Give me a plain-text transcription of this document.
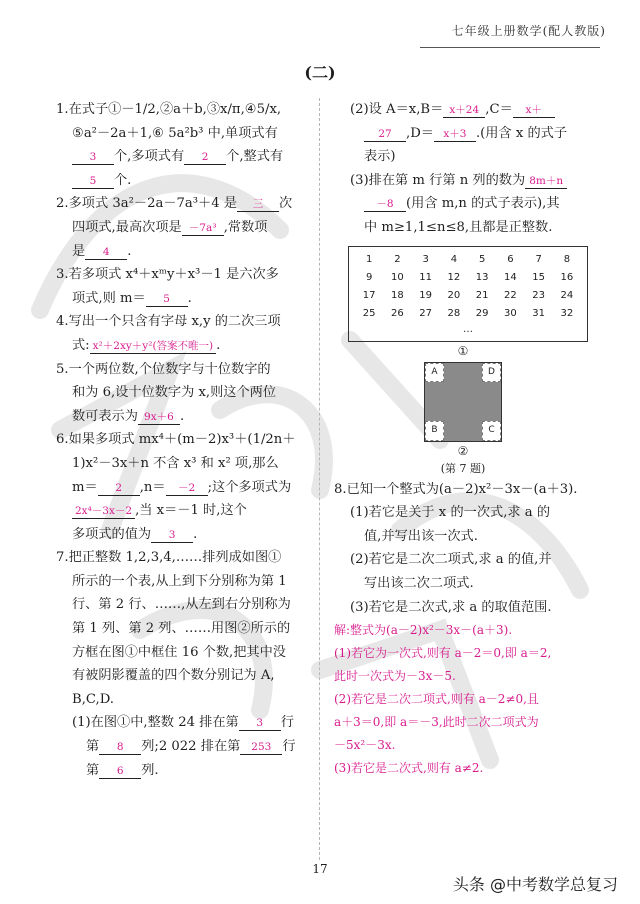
七年级上册数学(配人教版)
(二)

1.在式子①－1/2,②a＋b,③x/π,④5/x,

⑤a²－2a＋1,⑥ 5a²b³ 中,单项式有

3 个,多项式有 2 个,整式有

5 个.

2.多项式 3a²－2a－7a³＋4 是 三 次

四项式,最高次项是 －7a³ ,常数项

是 4 .

3.若多项式 x⁴＋xᵐy＋x³－1 是六次多

项式,则 m＝ 5 .

4.写出一个只含有字母 x,y 的二次三项

式: x²＋2xy＋y²(答案不唯一) .

5.一个两位数,个位数字与十位数字的

和为 6,设十位数字为 x,则这个两位

数可表示为 9x＋6 .

6.如果多项式 mx⁴＋(m－2)x³＋(1/2n＋

1)x²－3x＋n 不含 x³ 和 x² 项,那么

m＝ 2 ,n＝ －2 ;这个多项式为

2x⁴－3x－2 ,当 x＝－1 时,这个

多项式的值为 3 .

7.把正整数 1,2,3,4,……排列成如图①

所示的一个表,从上到下分别称为第 1

行、第 2 行、……,从左到右分别称为

第 1 列、第 2 列、……用图②所示的

方框在图①中框住 16 个数,把其中没

有被阴影覆盖的四个数分别记为 A,

B,C,D.

(1)在图①中,整数 24 排在第 3 行

第 8 列;2 022 排在第 253 行

第 6 列.

(2)设 A＝x,B＝ x＋24 ,C＝ x＋

27 ,D＝ x＋3 .(用含 x 的式子

表示)

(3)排在第 m 行第 n 列的数为 8m＋n

－8 (用含 m,n 的式子表示),其

中 m≥1,1≤n≤8,且都是正整数.

1	2	3	4	5	6	7	8
9	10	11	12	13	14	15	16
17	18	19	20	21	22	23	24
25	26	27	28	29	30	31	32
…
①
A	D
B	C
②
(第 7 题)

8.已知一个整式为(a－2)x²－3x－(a＋3).

(1)若它是关于 x 的一次式,求 a 的

值,并写出该一次式.

(2)若它是二次二项式,求 a 的值,并

写出该二次二项式.

(3)若它是二次式,求 a 的取值范围.

解:整式为(a－2)x²－3x－(a＋3).

(1)若它为一次式,则有 a－2＝0,即 a＝2,

此时一次式为－3x－5.

(2)若它是二次二项式,则有 a－2≠0,且

a＋3＝0,即 a＝－3,此时二次二项式为

－5x²－3x.

(3)若它是二次式,则有 a≠2.

17
头条 @中考数学总复习
